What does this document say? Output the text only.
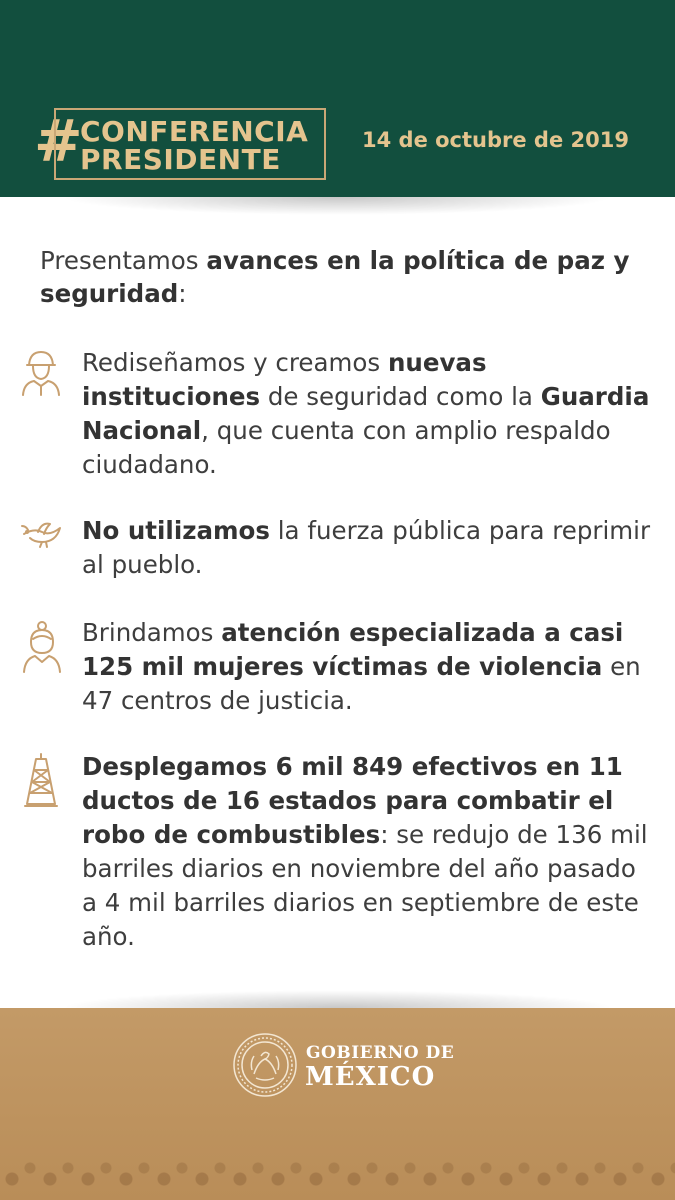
#
CONFERENCIA
PRESIDENTE
14 de octubre de 2019
Presentamos avances en la política de paz y seguridad:
Rediseñamos y creamos nuevas instituciones de seguridad como la Guardia Nacional, que cuenta con amplio respaldo ciudadano.
No utilizamos la fuerza pública para reprimir al pueblo.
Brindamos atención especializada a casi 125 mil mujeres víctimas de violencia en 47 centros de justicia.
Desplegamos 6 mil 849 efectivos en 11 ductos de 16 estados para combatir el robo de combustibles: se redujo de 136 mil barriles diarios en noviembre del año pasado a 4 mil barriles diarios en septiembre de este año.
GOBIERNO DE
MÉXICO
